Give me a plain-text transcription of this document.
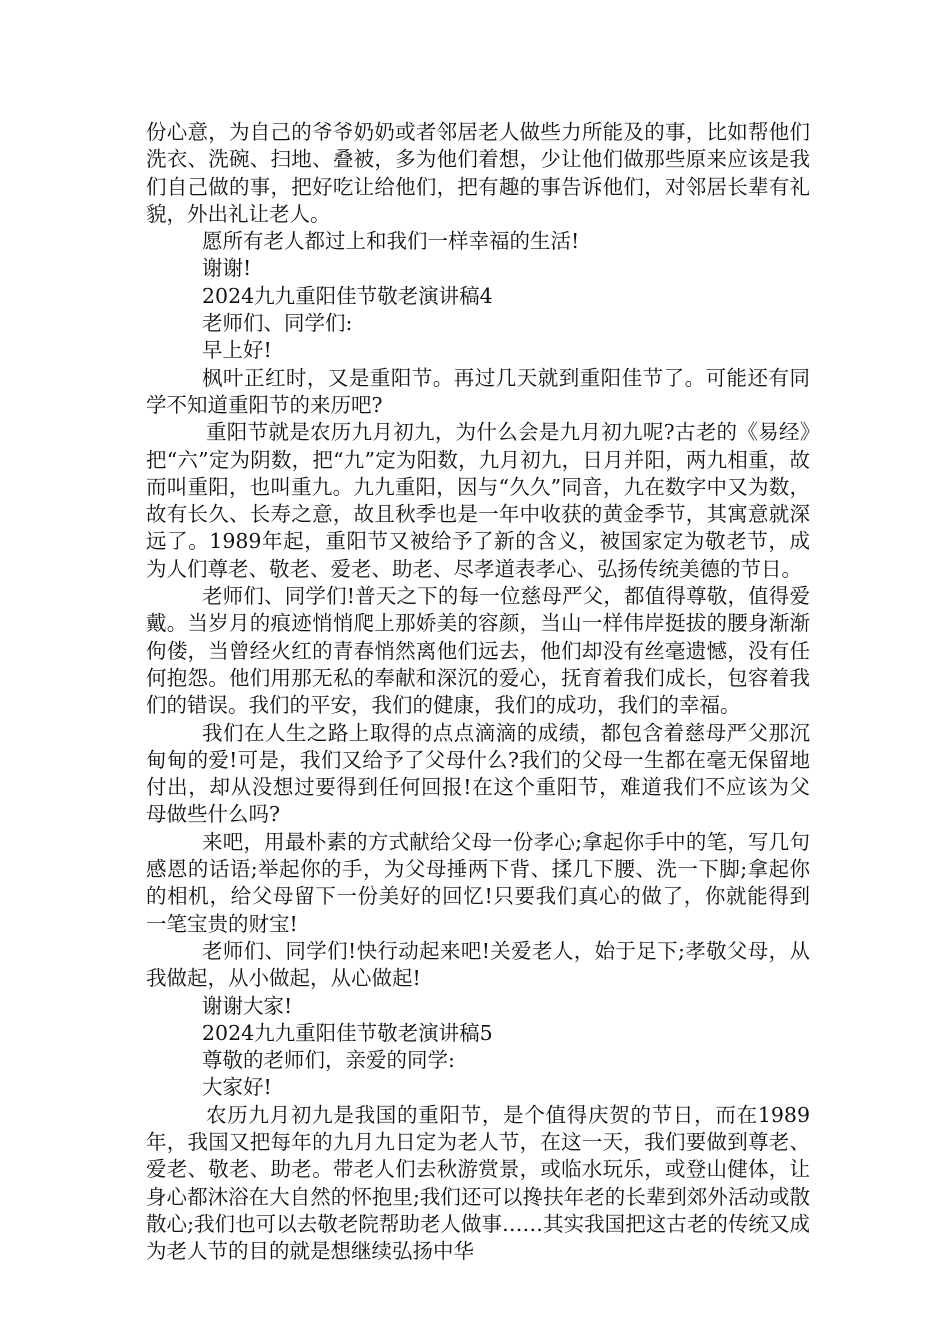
份心意，为自己的爷爷奶奶或者邻居老人做些力所能及的事，比如帮他们洗衣、洗碗、扫地、叠被，多为他们着想，少让他们做那些原来应该是我们自己做的事，把好吃让给他们，把有趣的事告诉他们，对邻居长辈有礼貌，外出礼让老人。

愿所有老人都过上和我们一样幸福的生活!

谢谢!

2024九九重阳佳节敬老演讲稿4

老师们、同学们:

早上好!

枫叶正红时，又是重阳节。再过几天就到重阳佳节了。可能还有同学不知道重阳节的来历吧?

重阳节就是农历九月初九，为什么会是九月初九呢?古老的《易经》把“六”定为阴数，把“九”定为阳数，九月初九，日月并阳，两九相重，故而叫重阳，也叫重九。九九重阳，因与“久久”同音，九在数字中又为数，故有长久、长寿之意，故且秋季也是一年中收获的黄金季节，其寓意就深远了。1989年起，重阳节又被给予了新的含义，被国家定为敬老节，成为人们尊老、敬老、爱老、助老、尽孝道表孝心、弘扬传统美德的节日。

老师们、同学们!普天之下的每一位慈母严父，都值得尊敬，值得爱戴。当岁月的痕迹悄悄爬上那娇美的容颜，当山一样伟岸挺拔的腰身渐渐佝偻，当曾经火红的青春悄然离他们远去，他们却没有丝毫遗憾，没有任何抱怨。他们用那无私的奉献和深沉的爱心，抚育着我们成长，包容着我们的错误。我们的平安，我们的健康，我们的成功，我们的幸福。

我们在人生之路上取得的点点滴滴的成绩，都包含着慈母严父那沉甸甸的爱!可是，我们又给予了父母什么?我们的父母一生都在毫无保留地付出，却从没想过要得到任何回报!在这个重阳节，难道我们不应该为父母做些什么吗?

来吧，用最朴素的方式献给父母一份孝心;拿起你手中的笔，写几句感恩的话语;举起你的手，为父母捶两下背、揉几下腰、洗一下脚;拿起你的相机，给父母留下一份美好的回忆!只要我们真心的做了，你就能得到一笔宝贵的财宝!

老师们、同学们!快行动起来吧!关爱老人，始于足下;孝敬父母，从我做起，从小做起，从心做起!

谢谢大家!

2024九九重阳佳节敬老演讲稿5

尊敬的老师们，亲爱的同学:

大家好!

农历九月初九是我国的重阳节，是个值得庆贺的节日，而在1989年，我国又把每年的九月九日定为老人节，在这一天，我们要做到尊老、爱老、敬老、助老。带老人们去秋游赏景，或临水玩乐，或登山健体，让身心都沐浴在大自然的怀抱里;我们还可以搀扶年老的长辈到郊外活动或散散心;我们也可以去敬老院帮助老人做事……其实我国把这古老的传统又成为老人节的目的就是想继续弘扬中华
